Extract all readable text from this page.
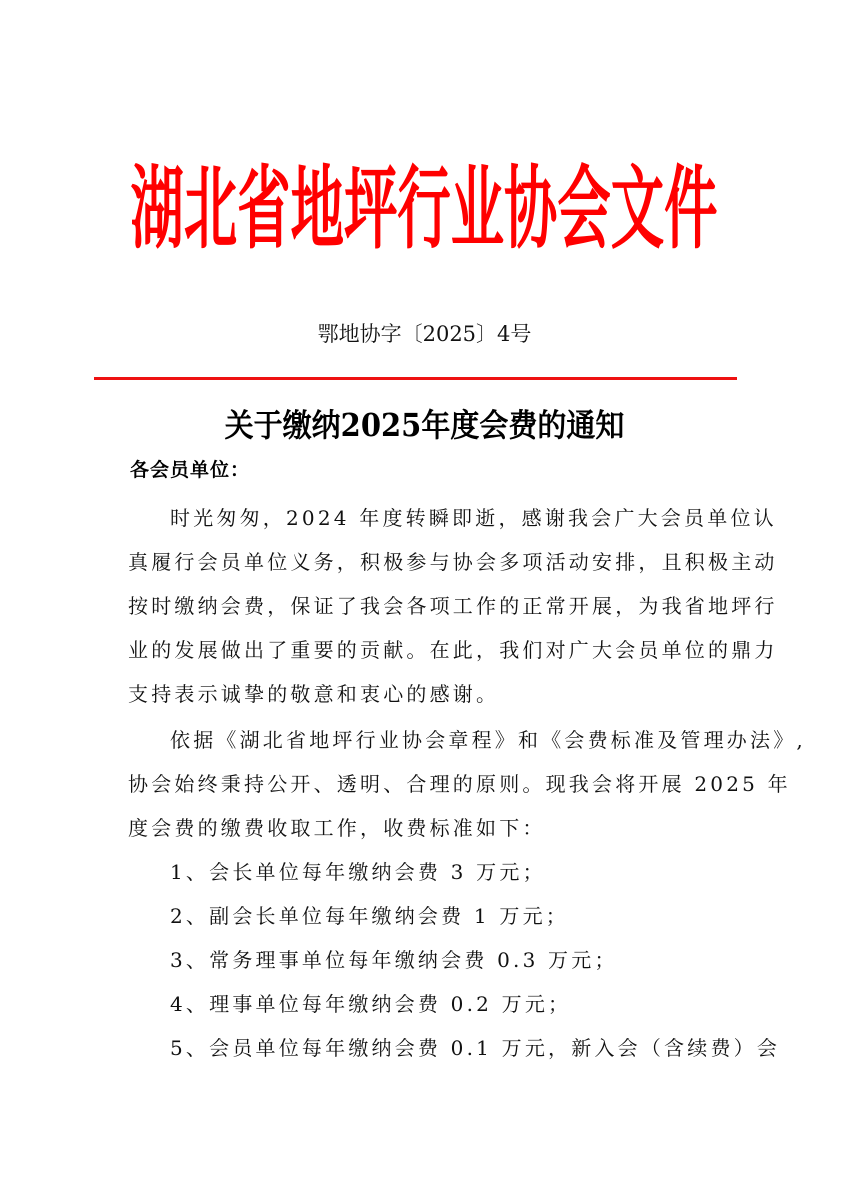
湖北省地坪行业协会文件
鄂地协字〔2025〕4号
关于缴纳2025年度会费的通知
各会员单位：
时光匆匆，2024 年度转瞬即逝，感谢我会广大会员单位认
真履行会员单位义务，积极参与协会多项活动安排，且积极主动
按时缴纳会费，保证了我会各项工作的正常开展，为我省地坪行
业的发展做出了重要的贡献。在此，我们对广大会员单位的鼎力
支持表示诚挚的敬意和衷心的感谢。
依据《湖北省地坪行业协会章程》和《会费标准及管理办法》,
协会始终秉持公开、透明、合理的原则。现我会将开展 2025 年
度会费的缴费收取工作，收费标准如下：
1、会长单位每年缴纳会费 3 万元；
2、副会长单位每年缴纳会费 1 万元；
3、常务理事单位每年缴纳会费 0.3 万元；
4、理事单位每年缴纳会费 0.2 万元；
5、会员单位每年缴纳会费 0.1 万元，新入会（含续费）会
